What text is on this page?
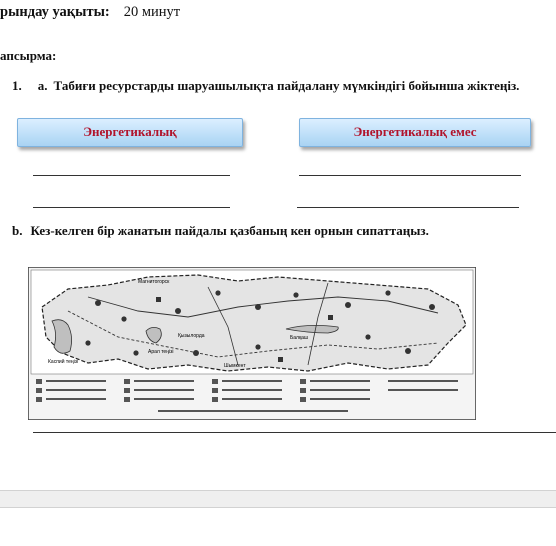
рындау уақыты: 20 минут
апсырма:
1. a. Табиғи ресурстарды шаруашылықта пайдалану мүмкіндігі бойынша жіктеңіз.
Энергетикалық	Энергетикалық емес
b. Кез-келген бір жанатын пайдалы қазбаның кен орнын сипаттаңыз.
Магнитогорск
Балқаш
Арал теңізі
Каспий теңізі
Қызылорда
Шымкент
